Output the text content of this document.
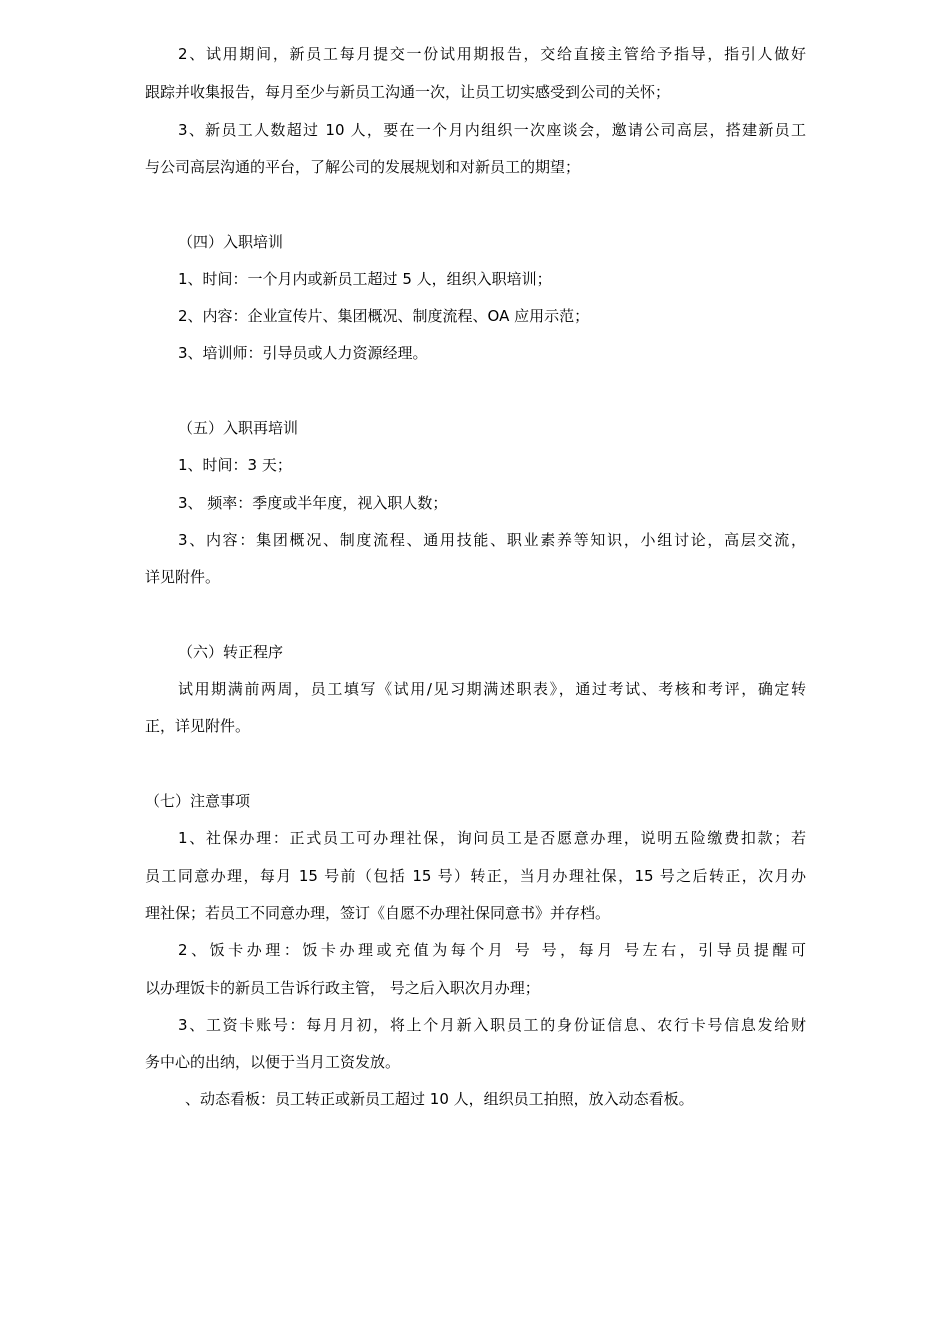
2、试用期间，新员工每月提交一份试用期报告，交给直接主管给予指导，指引人做好
跟踪并收集报告，每月至少与新员工沟通一次，让员工切实感受到公司的关怀；
3、新员工人数超过 10 人，要在一个月内组织一次座谈会，邀请公司高层，搭建新员工
与公司高层沟通的平台，了解公司的发展规划和对新员工的期望；
（四）入职培训
1、时间：一个月内或新员工超过 5 人，组织入职培训；
2、内容：企业宣传片、集团概况、制度流程、OA 应用示范；
3、培训师：引导员或人力资源经理。
（五）入职再培训
1、时间：3 天；
3、 频率：季度或半年度，视入职人数；
3、内容：集团概况、制度流程、通用技能、职业素养等知识，小组讨论，高层交流，
详见附件。
（六）转正程序
试用期满前两周，员工填写《试用/见习期满述职表》，通过考试、考核和考评，确定转
正，详见附件。
（七）注意事项
1、社保办理：正式员工可办理社保，询问员工是否愿意办理，说明五险缴费扣款；若
员工同意办理，每月 15 号前（包括 15 号）转正，当月办理社保，15 号之后转正，次月办
理社保；若员工不同意办理，签订《自愿不办理社保同意书》并存档。
2、饭卡办理：饭卡办理或充值为每个月 号 号，每月 号左右，引导员提醒可
以办理饭卡的新员工告诉行政主管， 号之后入职次月办理；
3、工资卡账号：每月月初，将上个月新入职员工的身份证信息、农行卡号信息发给财
务中心的出纳，以便于当月工资发放。
、动态看板：员工转正或新员工超过 10 人，组织员工拍照，放入动态看板。
